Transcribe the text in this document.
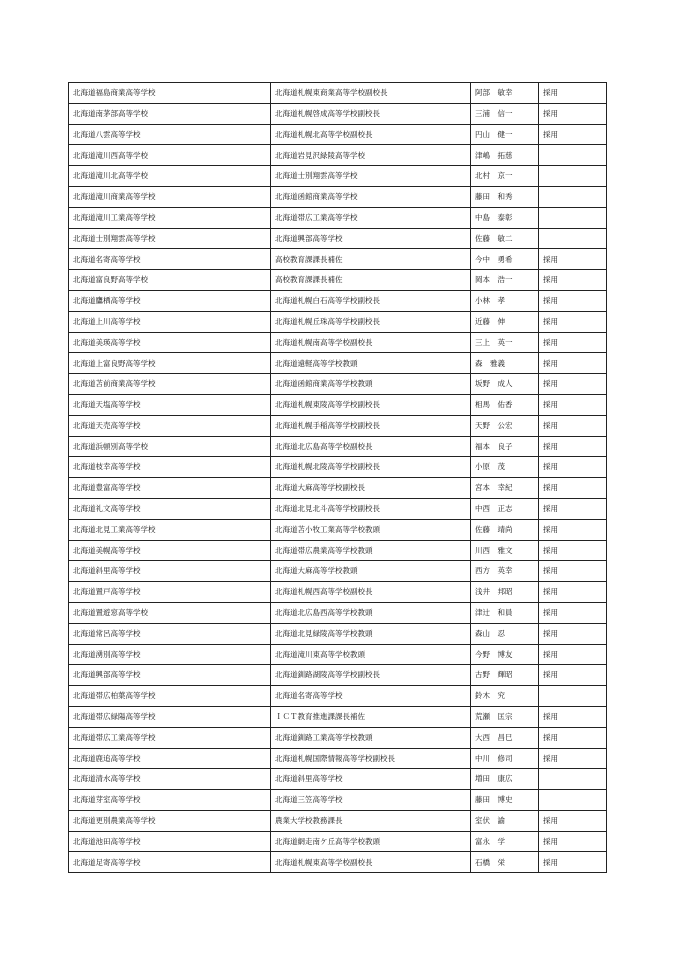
北海道福島商業高等学校	北海道札幌東商業高等学校副校長	阿部　敏幸	採用
北海道南茅部高等学校	北海道札幌啓成高等学校副校長	三浦　信一	採用
北海道八雲高等学校	北海道札幌北高等学校副校長	円山　健一	採用
北海道滝川西高等学校	北海道岩見沢緑陵高等学校	津嶋　拓慈	
北海道滝川北高等学校	北海道士別翔雲高等学校	北村　京一	
北海道滝川商業高等学校	北海道函館商業高等学校	藤田　和秀	
北海道滝川工業高等学校	北海道帯広工業高等学校	中島　泰彰	
北海道士別翔雲高等学校	北海道興部高等学校	佐藤　敏二	
北海道名寄高等学校	高校教育課課長補佐	今中　勇希	採用
北海道富良野高等学校	高校教育課課長補佐	岡本　浩一	採用
北海道鷹栖高等学校	北海道札幌白石高等学校副校長	小林　孝	採用
北海道上川高等学校	北海道札幌丘珠高等学校副校長	近藤　伸	採用
北海道美瑛高等学校	北海道札幌南高等学校副校長	三上　英一	採用
北海道上富良野高等学校	北海道遠軽高等学校教頭	森　雅義	採用
北海道苫前商業高等学校	北海道函館商業高等学校教頭	坂野　成人	採用
北海道天塩高等学校	北海道札幌東陵高等学校副校長	相馬　佑香	採用
北海道天売高等学校	北海道札幌手稲高等学校副校長	天野　公宏	採用
北海道浜頓別高等学校	北海道北広島高等学校副校長	福本　良子	採用
北海道枝幸高等学校	北海道札幌北陵高等学校副校長	小原　茂	採用
北海道豊富高等学校	北海道大麻高等学校副校長	宮本　幸紀	採用
北海道礼文高等学校	北海道北見北斗高等学校副校長	中西　正志	採用
北海道北見工業高等学校	北海道苫小牧工業高等学校教頭	佐藤　靖尚	採用
北海道美幌高等学校	北海道帯広農業高等学校教頭	川西　雅文	採用
北海道斜里高等学校	北海道大麻高等学校教頭	西方　英幸	採用
北海道置戸高等学校	北海道札幌西高等学校副校長	浅井　邦昭	採用
北海道置遊窓高等学校	北海道北広島西高等学校教頭	津辻　和員	採用
北海道常呂高等学校	北海道北見緑陵高等学校教頭	森山　忍	採用
北海道湧別高等学校	北海道滝川東高等学校教頭	今野　博友	採用
北海道興部高等学校	北海道釧路湖陵高等学校副校長	古野　輝昭	採用
北海道帯広柏葉高等学校	北海道名寄高等学校	鈴木　究	
北海道帯広緑陽高等学校	ＩＣＴ教育推進課課長補佐	荒瀬　匡宗	採用
北海道帯広工業高等学校	北海道釧路工業高等学校教頭	大西　昌巳	採用
北海道鹿追高等学校	北海道札幌国際情報高等学校副校長	中川　修司	採用
北海道清水高等学校	北海道斜里高等学校	増田　康広	
北海道芽室高等学校	北海道三笠高等学校	藤田　博史	
北海道更別農業高等学校	農業大学校教務課長	室伏　諭	採用
北海道池田高等学校	北海道網走南ケ丘高等学校教頭	富永　学	採用
北海道足寄高等学校	北海道札幌東高等学校副校長	石橋　栄	採用
